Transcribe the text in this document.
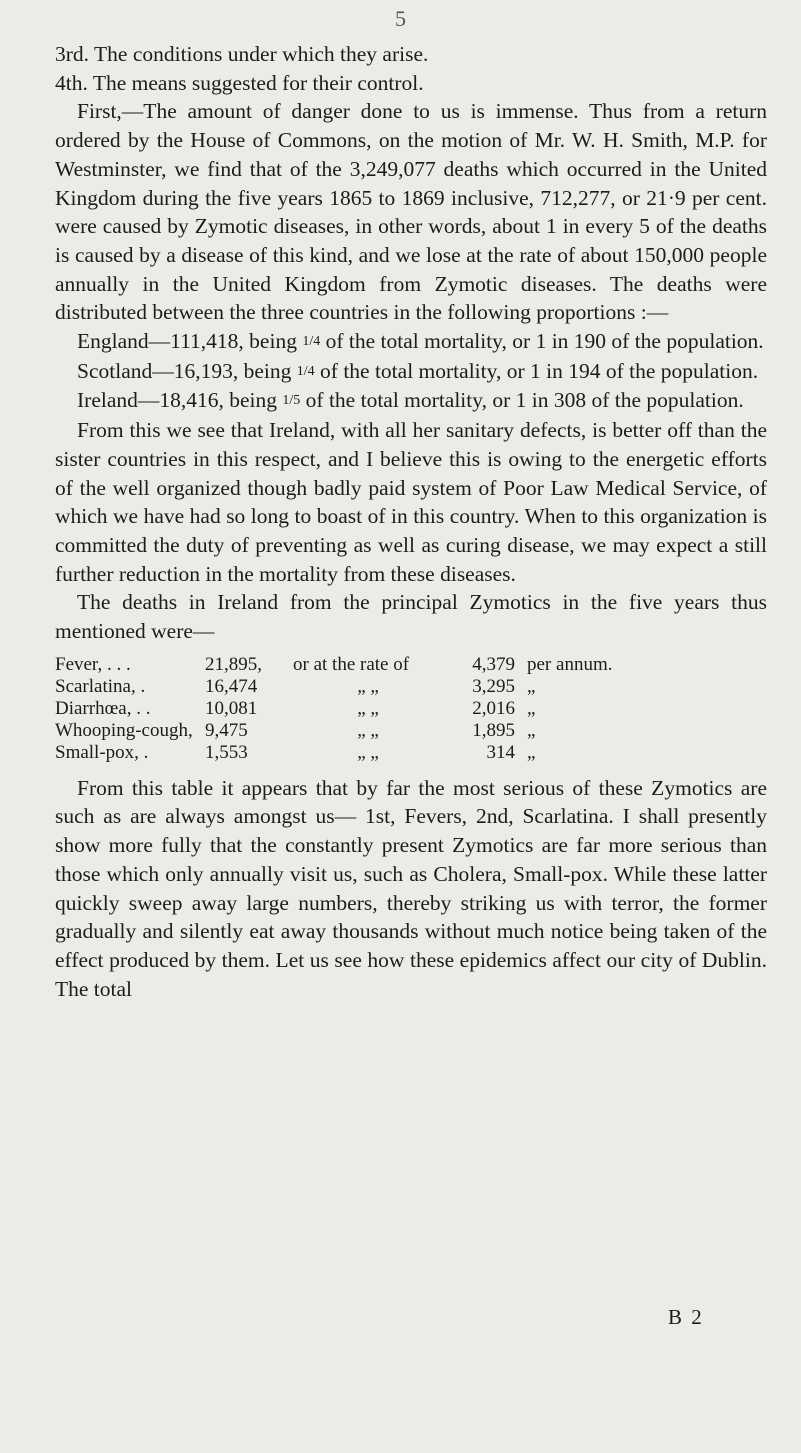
5

3rd. The conditions under which they arise.

4th. The means suggested for their control.

First,—The amount of danger done to us is immense. Thus from a return ordered by the House of Commons, on the motion of Mr. W. H. Smith, M.P. for Westminster, we find that of the 3,249,077 deaths which occurred in the United Kingdom during the five years 1865 to 1869 inclusive, 712,277, or 21·9 per cent. were caused by Zymotic diseases, in other words, about 1 in every 5 of the deaths is caused by a disease of this kind, and we lose at the rate of about 150,000 people annually in the United Kingdom from Zymotic diseases. The deaths were distributed between the three countries in the following proportions :—

England—111,418, being 1/4 of the total mortality, or 1 in 190 of the population.

Scotland—16,193, being 1/4 of the total mortality, or 1 in 194 of the population.

Ireland—18,416, being 1/5 of the total mortality, or 1 in 308 of the population.

From this we see that Ireland, with all her sanitary defects, is better off than the sister countries in this respect, and I believe this is owing to the energetic efforts of the well organized though badly paid system of Poor Law Medical Service, of which we have had so long to boast of in this country. When to this organization is committed the duty of preventing as well as curing disease, we may expect a still further reduction in the mortality from these diseases.

The deaths in Ireland from the principal Zymotics in the five years thus mentioned were—

Fever, . . .	21,895,	or at the rate of	4,379	per annum.
Scarlatina, .	16,474	„ „	3,295	„
Diarrhœa, . .	10,081	„ „	2,016	„
Whooping-cough,	9,475	„ „	1,895	„
Small-pox, .	1,553	„ „	314	„

From this table it appears that by far the most serious of these Zymotics are such as are always amongst us— 1st, Fevers, 2nd, Scarlatina. I shall presently show more fully that the constantly present Zymotics are far more serious than those which only annually visit us, such as Cholera, Small-pox. While these latter quickly sweep away large numbers, thereby striking us with terror, the former gradually and silently eat away thousands without much notice being taken of the effect produced by them. Let us see how these epidemics affect our city of Dublin. The total

B 2
